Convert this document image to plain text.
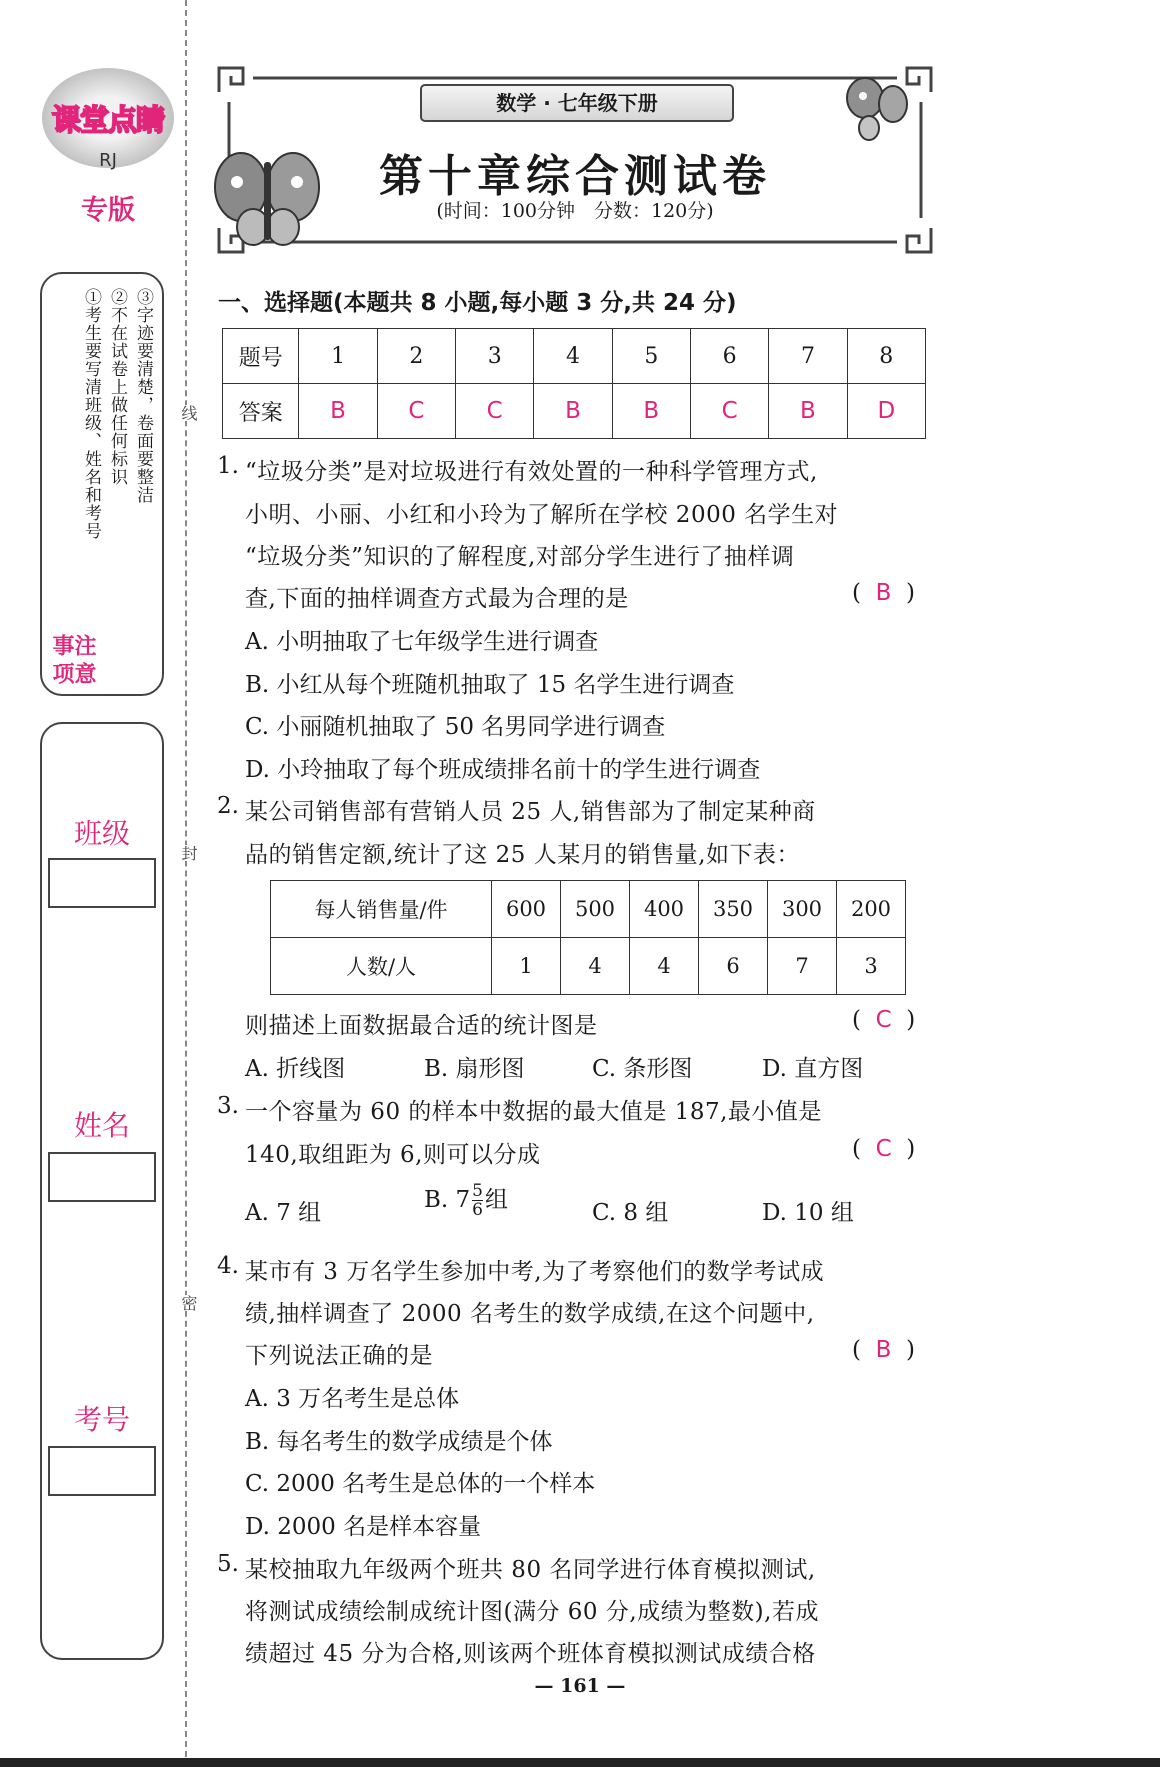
课堂点睛
RJ
专版
注意事项
①考生要写清班级、姓名和考号 ②不在试卷上做任何标识 ③字迹要清楚，卷面要整洁
班级
姓名
考号
线
封
密
数学 · 七年级下册
第十章综合测试卷
(时间：100分钟　分数：120分)
一、选择题(本题共 8 小题,每小题 3 分,共 24 分)
题号	1	2	3	4	5	6	7	8
答案	B	C	C	B	B	C	B	D
1. “垃圾分类”是对垃圾进行有效处置的一种科学管理方式,
小明、小丽、小红和小玲为了解所在学校 2000 名学生对
“垃圾分类”知识的了解程度,对部分学生进行了抽样调
查,下面的抽样调查方式最为合理的是	(  B  )
A. 小明抽取了七年级学生进行调查
B. 小红从每个班随机抽取了 15 名学生进行调查
C. 小丽随机抽取了 50 名男同学进行调查
D. 小玲抽取了每个班成绩排名前十的学生进行调查
2. 某公司销售部有营销人员 25 人,销售部为了制定某种商
品的销售定额,统计了这 25 人某月的销售量,如下表：
每人销售量/件	600	500	400	350	300	200
人数/人	1	4	4	6	7	3
则描述上面数据最合适的统计图是	(  C  )
A. 折线图	B. 扇形图	C. 条形图	D. 直方图
3. 一个容量为 60 的样本中数据的最大值是 187,最小值是
140,取组距为 6,则可以分成	(  C  )
A. 7 组	B. $7 \frac{5}{6}$ 组	C. 8 组	D. 10 组
4. 某市有 3 万名学生参加中考,为了考察他们的数学考试成
绩,抽样调查了 2000 名考生的数学成绩,在这个问题中,
下列说法正确的是	(  B  )
A. 3 万名考生是总体
B. 每名考生的数学成绩是个体
C. 2000 名考生是总体的一个样本
D. 2000 名是样本容量
5. 某校抽取九年级两个班共 80 名同学进行体育模拟测试,
将测试成绩绘制成统计图(满分 60 分,成绩为整数),若成
绩超过 45 分为合格,则该两个班体育模拟测试成绩合格
— 161 —
